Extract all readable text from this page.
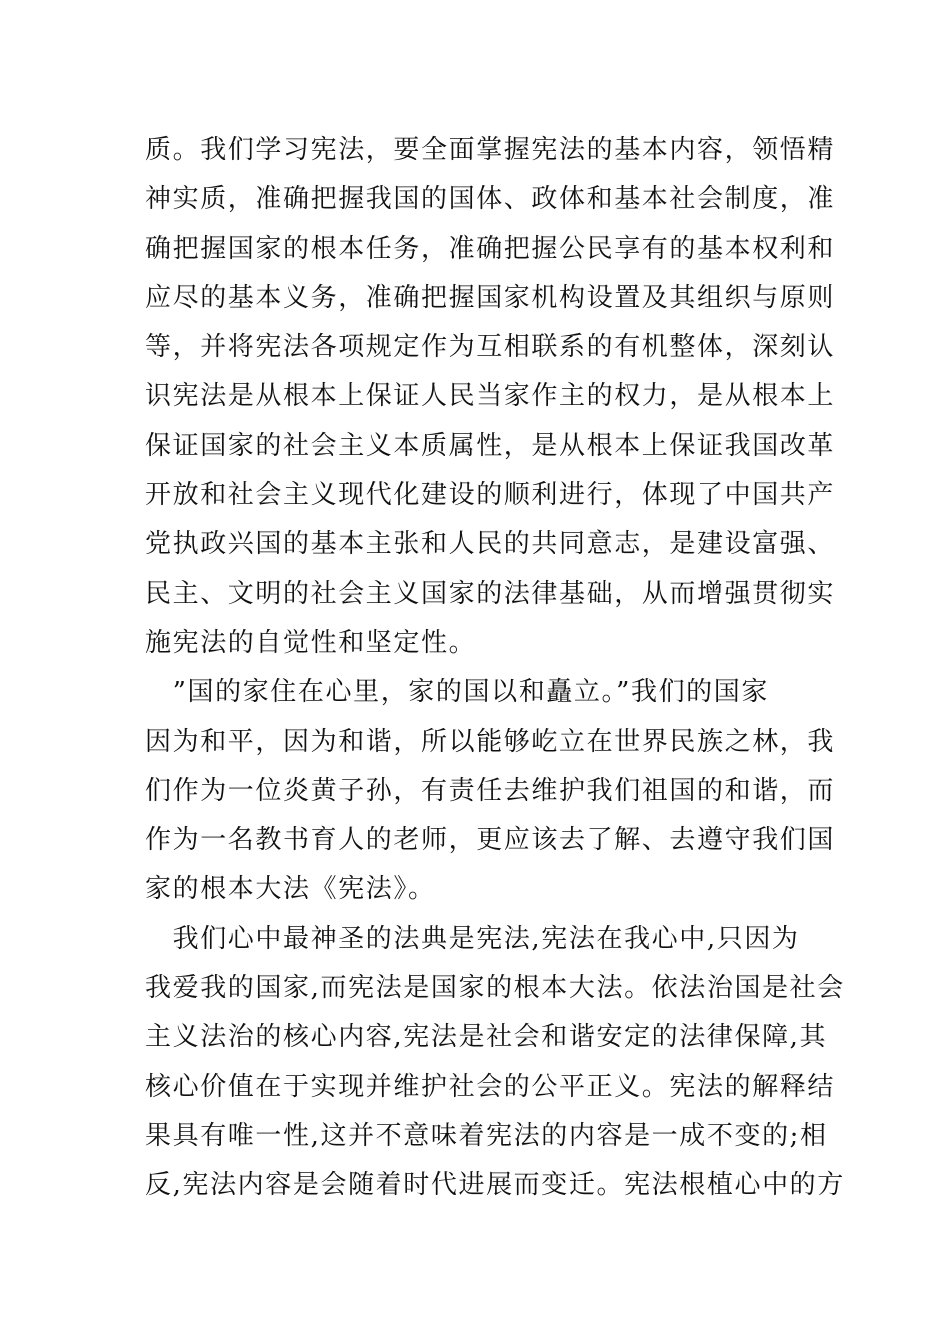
质。我们学习宪法，要全面掌握宪法的基本内容，领悟精
神实质，准确把握我国的国体、政体和基本社会制度，准
确把握国家的根本任务，准确把握公民享有的基本权利和
应尽的基本义务，准确把握国家机构设置及其组织与原则
等，并将宪法各项规定作为互相联系的有机整体，深刻认
识宪法是从根本上保证人民当家作主的权力，是从根本上
保证国家的社会主义本质属性，是从根本上保证我国改革
开放和社会主义现代化建设的顺利进行，体现了中国共产
党执政兴国的基本主张和人民的共同意志，是建设富强、
民主、文明的社会主义国家的法律基础，从而增强贯彻实
施宪法的自觉性和坚定性。
　”国的家住在心里，家的国以和矗立。”我们的国家
因为和平，因为和谐，所以能够屹立在世界民族之林，我
们作为一位炎黄子孙，有责任去维护我们祖国的和谐，而
作为一名教书育人的老师，更应该去了解、去遵守我们国
家的根本大法《宪法》。
　我们心中最神圣的法典是宪法,宪法在我心中,只因为
我爱我的国家,而宪法是国家的根本大法。依法治国是社会
主义法治的核心内容,宪法是社会和谐安定的法律保障,其
核心价值在于实现并维护社会的公平正义。宪法的解释结
果具有唯一性,这并不意味着宪法的内容是一成不变的;相
反,宪法内容是会随着时代进展而变迁。宪法根植心中的方
